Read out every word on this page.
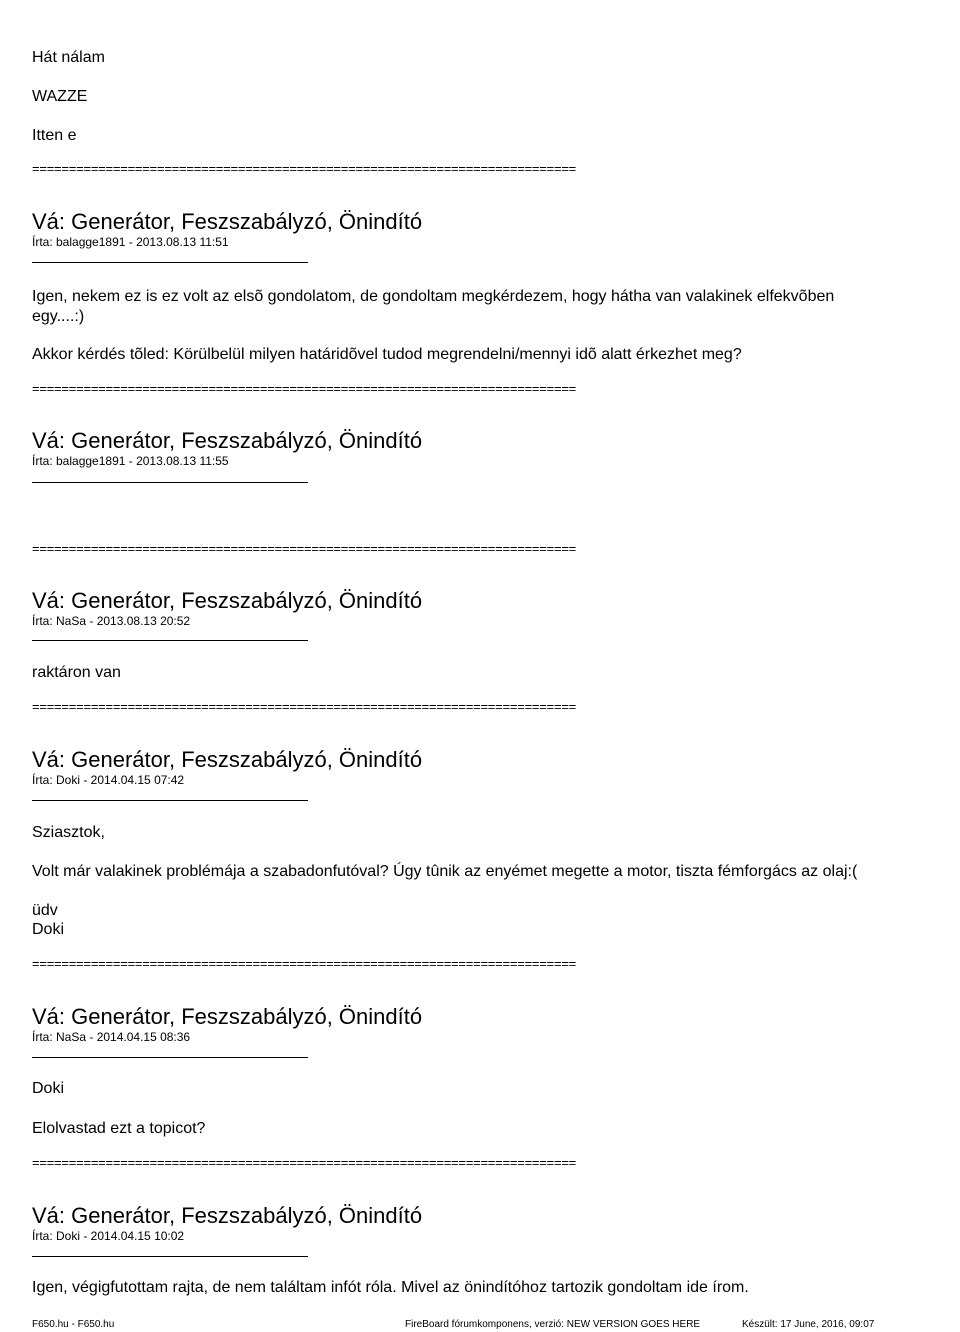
Hát nálam
WAZZE
Itten e
==========================================================================
Vá: Generátor, Feszszabályzó, Önindító
Írta: balagge1891 - 2013.08.13 11:51
Igen, nekem ez is ez volt az elsõ gondolatom, de gondoltam megkérdezem, hogy hátha van valakinek elfekvõben
egy....:)
Akkor kérdés tõled: Körülbelül milyen határidõvel tudod megrendelni/mennyi idõ alatt érkezhet meg?
==========================================================================
Vá: Generátor, Feszszabályzó, Önindító
Írta: balagge1891 - 2013.08.13 11:55
==========================================================================
Vá: Generátor, Feszszabályzó, Önindító
Írta: NaSa - 2013.08.13 20:52
raktáron van
==========================================================================
Vá: Generátor, Feszszabályzó, Önindító
Írta: Doki - 2014.04.15 07:42
Sziasztok,
Volt már valakinek problémája a szabadonfutóval? Úgy tûnik az enyémet megette a motor, tiszta fémforgács az olaj:(
üdv
Doki
==========================================================================
Vá: Generátor, Feszszabályzó, Önindító
Írta: NaSa - 2014.04.15 08:36
Doki
Elolvastad ezt a topicot?
==========================================================================
Vá: Generátor, Feszszabályzó, Önindító
Írta: Doki - 2014.04.15 10:02
Igen, végigfutottam rajta, de nem találtam infót róla. Mivel az önindítóhoz tartozik gondoltam ide írom.
F650.hu - F650.hu	FireBoard fórumkomponens, verzió: NEW VERSION GOES HERE	Készült: 17 June, 2016, 09:07
